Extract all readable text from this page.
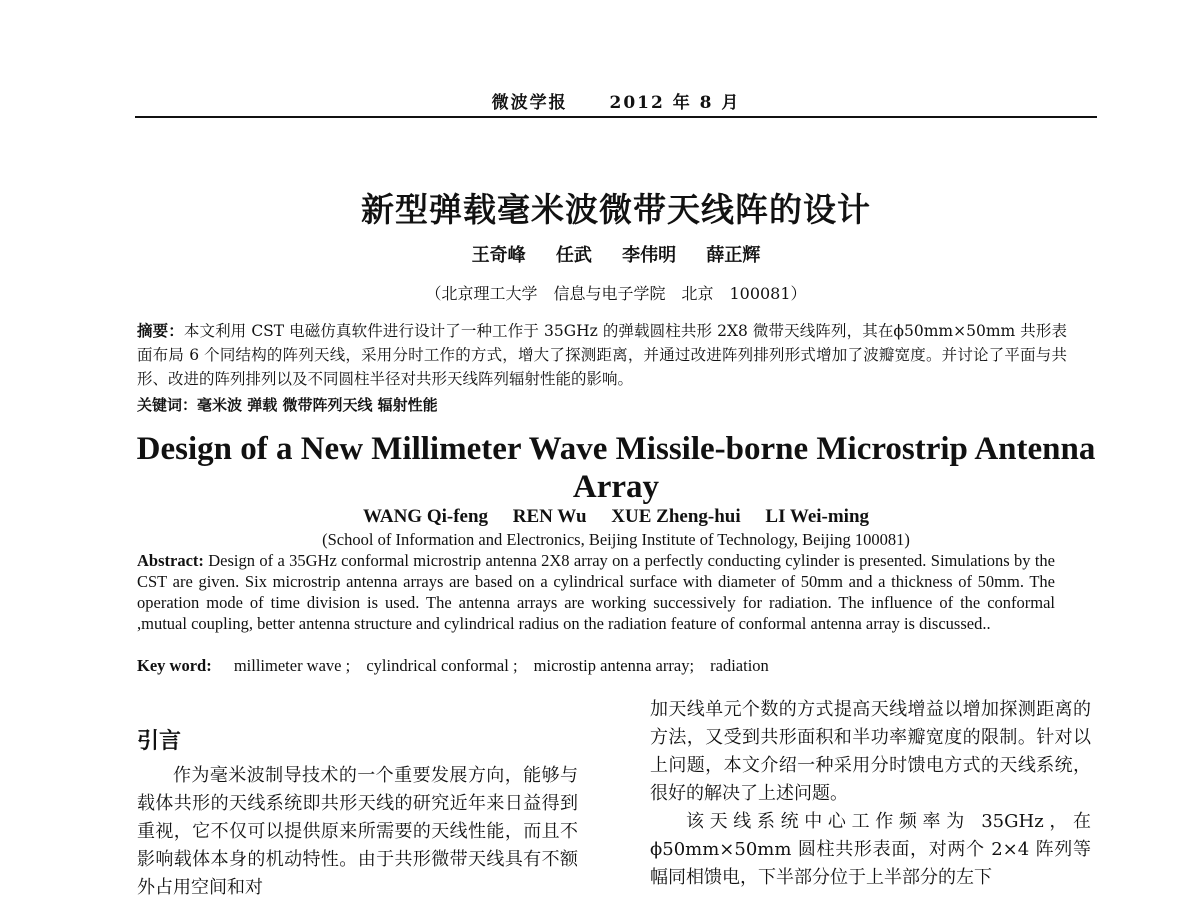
微波学报 2012 年 8 月
新型弹载毫米波微带天线阵的设计
王奇峰 任武 李伟明 薛正辉
（北京理工大学　信息与电子学院　北京　100081）
摘要：本文利用 CST 电磁仿真软件进行设计了一种工作于 35GHz 的弹载圆柱共形 2X8 微带天线阵列，其在ϕ50mm×50mm 共形表面布局 6 个同结构的阵列天线，采用分时工作的方式，增大了探测距离，并通过改进阵列排列形式增加了波瓣宽度。并讨论了平面与共形、改进的阵列排列以及不同圆柱半径对共形天线阵列辐射性能的影响。
关键词：毫米波 弹载 微带阵列天线 辐射性能
Design of a New Millimeter Wave Missile-borne Microstrip Antenna Array
WANG Qi-feng REN Wu XUE Zheng-hui LI Wei-ming
(School of Information and Electronics, Beijing Institute of Technology, Beijing 100081)
Abstract: Design of a 35GHz conformal microstrip antenna 2X8 array on a perfectly conducting cylinder is presented. Simulations by the CST are given. Six microstrip antenna arrays are based on a cylindrical surface with diameter of 50mm and a thickness of 50mm. The operation mode of time division is used. The antenna arrays are working successively for radiation. The influence of the conformal ,mutual coupling, better antenna structure and cylindrical radius on the radiation feature of conformal antenna array is discussed..
Key word: millimeter wave ; cylindrical conformal ; microstip antenna array; radiation
引言

作为毫米波制导技术的一个重要发展方向，能够与载体共形的天线系统即共形天线的研究近年来日益得到重视，它不仅可以提供原来所需要的天线性能，而且不影响载体本身的机动特性。由于共形微带天线具有不额外占用空间和对

加天线单元个数的方式提高天线增益以增加探测距离的方法，又受到共形面积和半功率瓣宽度的限制。针对以上问题，本文介绍一种采用分时馈电方式的天线系统，很好的解决了上述问题。

该天线系统中心工作频率为 35GHz，在ϕ50mm×50mm 圆柱共形表面，对两个 2×4 阵列等幅同相馈电，下半部分位于上半部分的左下
